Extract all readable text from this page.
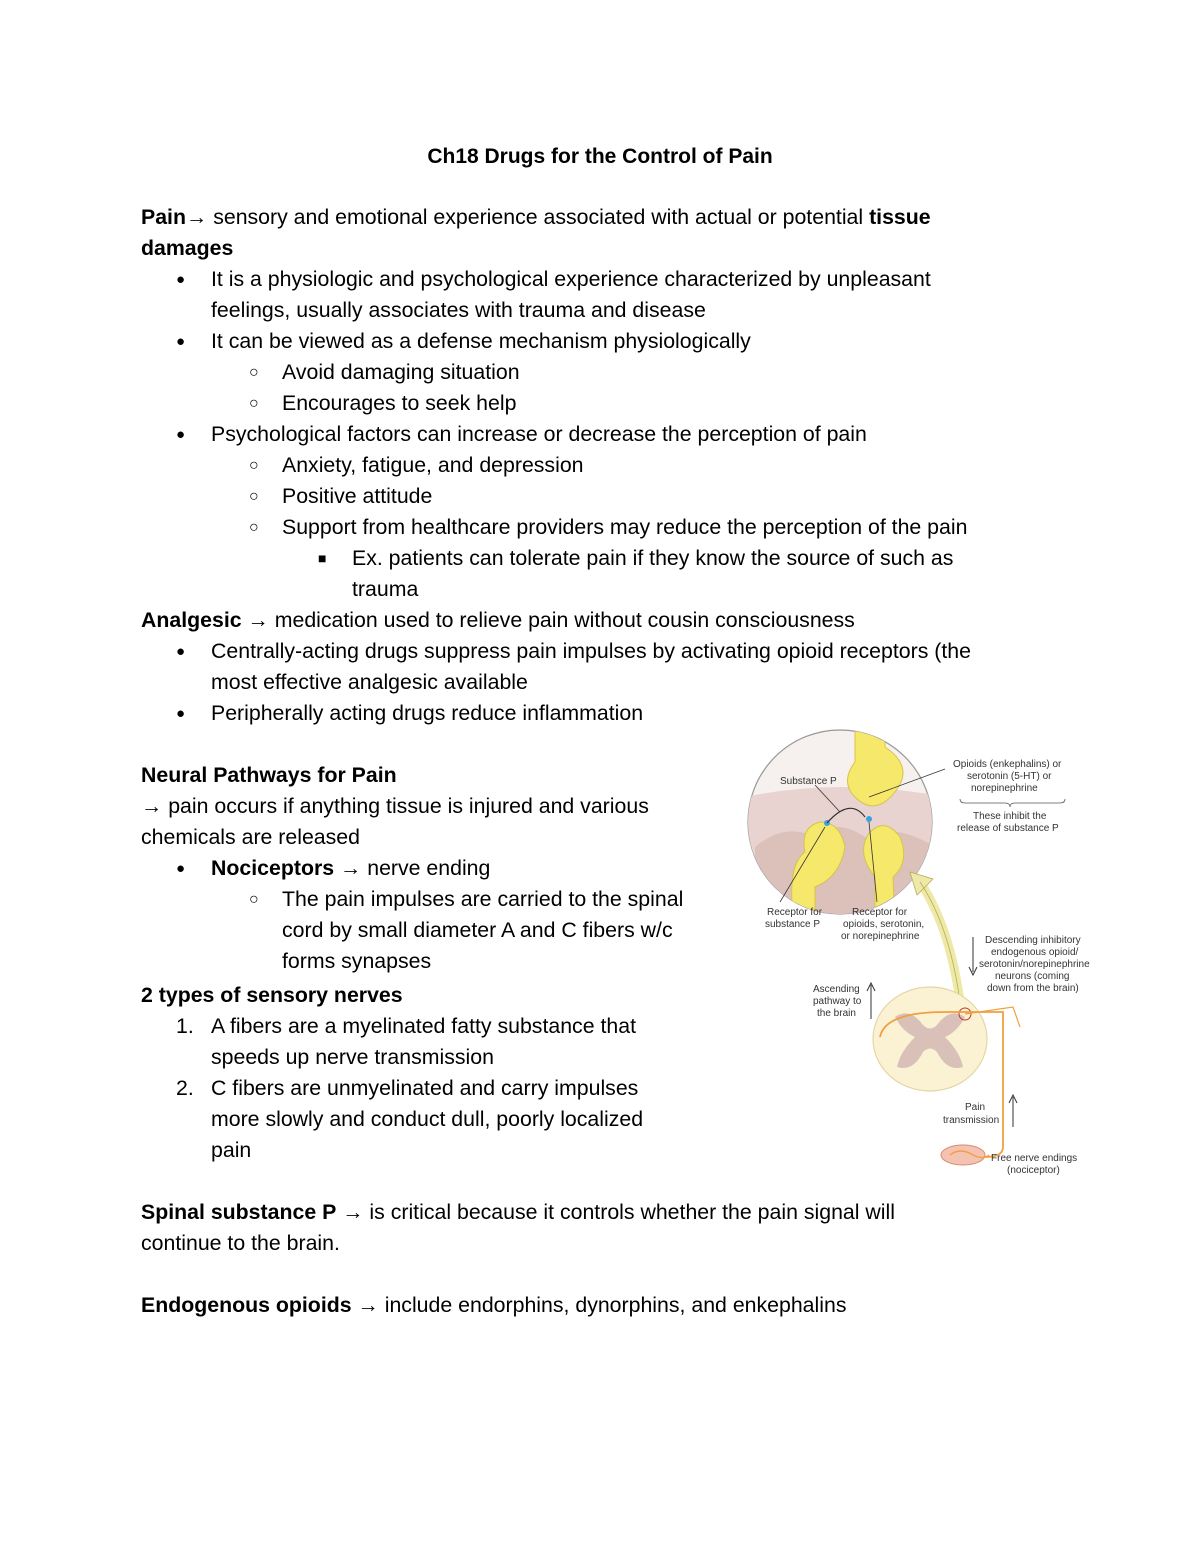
Ch18 Drugs for the Control of Pain
Pain→ sensory and emotional experience associated with actual or potential tissue
damages
● It is a physiologic and psychological experience characterized by unpleasant
feelings, usually associates with trauma and disease
● It can be viewed as a defense mechanism physiologically
○ Avoid damaging situation
○ Encourages to seek help
● Psychological factors can increase or decrease the perception of pain
○ Anxiety, fatigue, and depression
○ Positive attitude
○ Support from healthcare providers may reduce the perception of the pain
■ Ex. patients can tolerate pain if they know the source of such as
trauma
Analgesic → medication used to relieve pain without cousin consciousness
● Centrally-acting drugs suppress pain impulses by activating opioid receptors (the
most effective analgesic available
● Peripherally acting drugs reduce inflammation
Neural Pathways for Pain
→ pain occurs if anything tissue is injured and various
chemicals are released
● Nociceptors → nerve ending
○ The pain impulses are carried to the spinal
cord by small diameter A and C fibers w/c
forms synapses
2 types of sensory nerves
1. A fibers are a myelinated fatty substance that
speeds up nerve transmission
2. C fibers are unmyelinated and carry impulses
more slowly and conduct dull, poorly localized
pain
Spinal substance P → is critical because it controls whether the pain signal will
continue to the brain.
Endogenous opioids → include endorphins, dynorphins, and enkephalins
Substance P
Opioids (enkephalins) or
serotonin (5-HT) or
norepinephrine
These inhibit the
release of substance P
Receptor for
substance P
Receptor for
opioids, serotonin,
or norepinephrine	Descending inhibitory
endogenous opioid/
serotonin/norepinephrine
neurons (coming
down from the brain)
Ascending
pathway to
the brain
Pain
transmission
Free nerve endings
(nociceptor)
